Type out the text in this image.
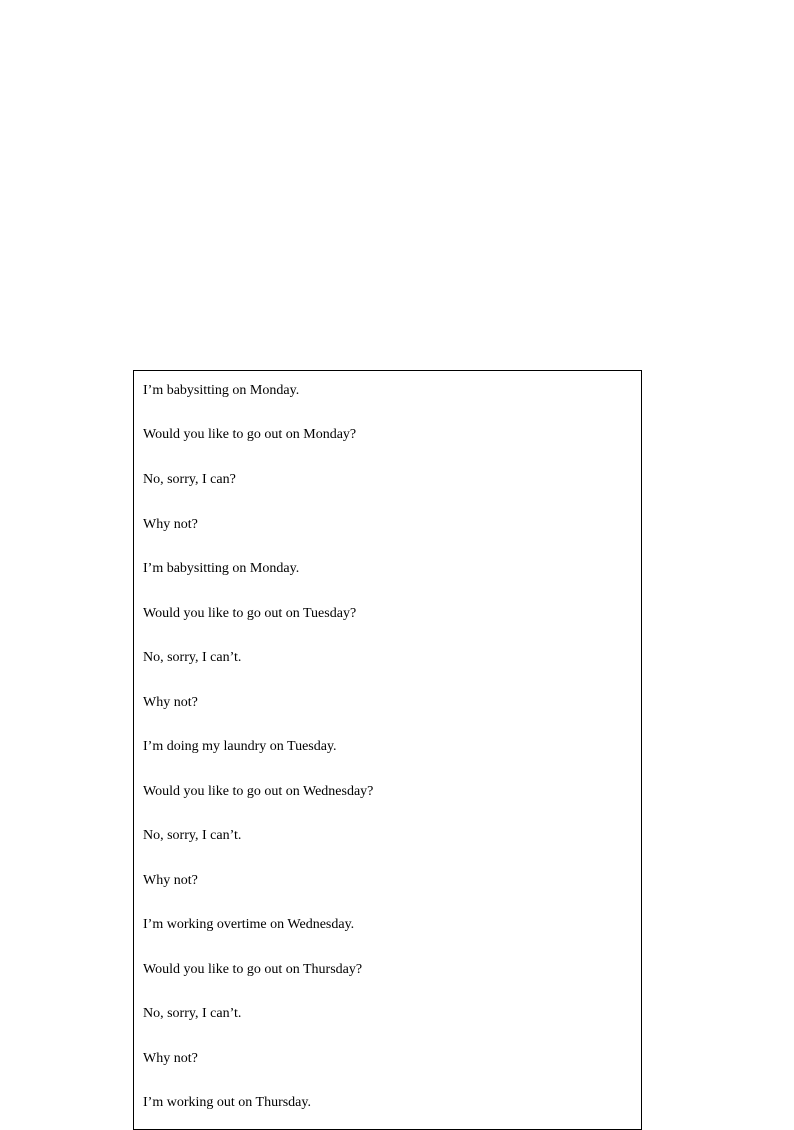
I’m babysitting on Monday.

Would you like to go out on Monday?

No, sorry, I can?

Why not?

I’m babysitting on Monday.

Would you like to go out on Tuesday?

No, sorry, I can’t.

Why not?

I’m doing my laundry on Tuesday.

Would you like to go out on Wednesday?

No, sorry, I can’t.

Why not?

I’m working overtime on Wednesday.

Would you like to go out on Thursday?

No, sorry, I can’t.

Why not?

I’m working out on Thursday.
